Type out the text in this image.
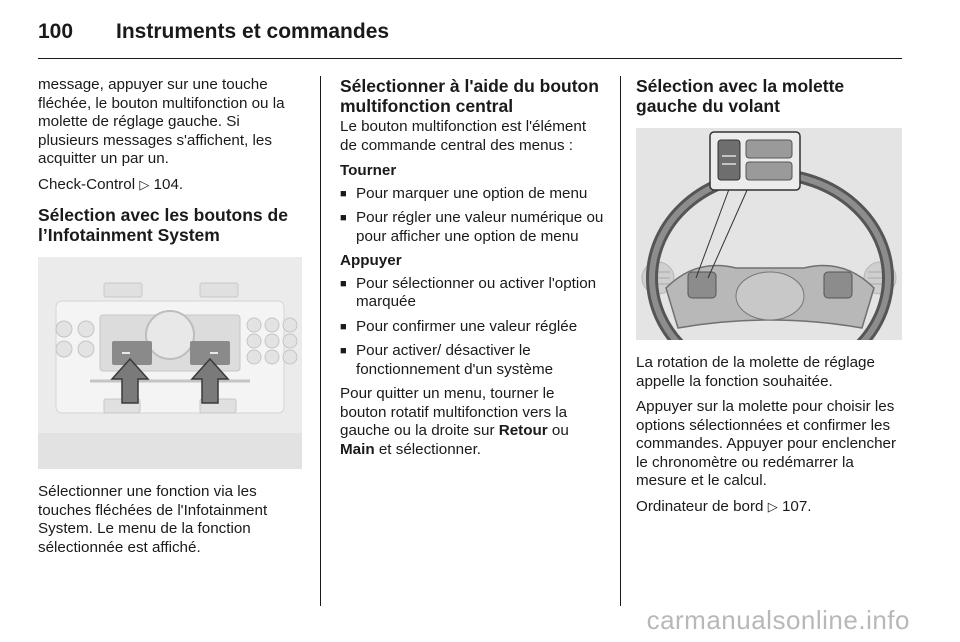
100	Instruments et commandes

message, appuyer sur une touche fléchée, le bouton multifonction ou la molette de réglage gauche. Si plusieurs messages s'affichent, les acquitter un par un.

Check-Control ▷ 104.

Sélection avec les boutons de l’Infotainment System

Sélectionner une fonction via les touches fléchées de l'Infotainment System. Le menu de la fonction sélectionnée est affiché.

Sélectionner à l'aide du bouton multifonction central

Le bouton multifonction est l'élément de commande central des menus :

Tourner
■ Pour marquer une option de menu
■ Pour régler une valeur numérique ou pour afficher une option de menu
Appuyer
■ Pour sélectionner ou activer l'option marquée
■ Pour confirmer une valeur réglée
■ Pour activer/ désactiver le fonctionnement d'un système

Pour quitter un menu, tourner le bouton rotatif multifonction vers la gauche ou la droite sur Retour ou Main et sélectionner.

Sélection avec la molette gauche du volant

La rotation de la molette de réglage appelle la fonction souhaitée.

Appuyer sur la molette pour choisir les options sélectionnées et confirmer les commandes. Appuyer pour enclencher le chronomètre ou redémarrer la mesure et le calcul.

Ordinateur de bord ▷ 107.

carmanualsonline.info
